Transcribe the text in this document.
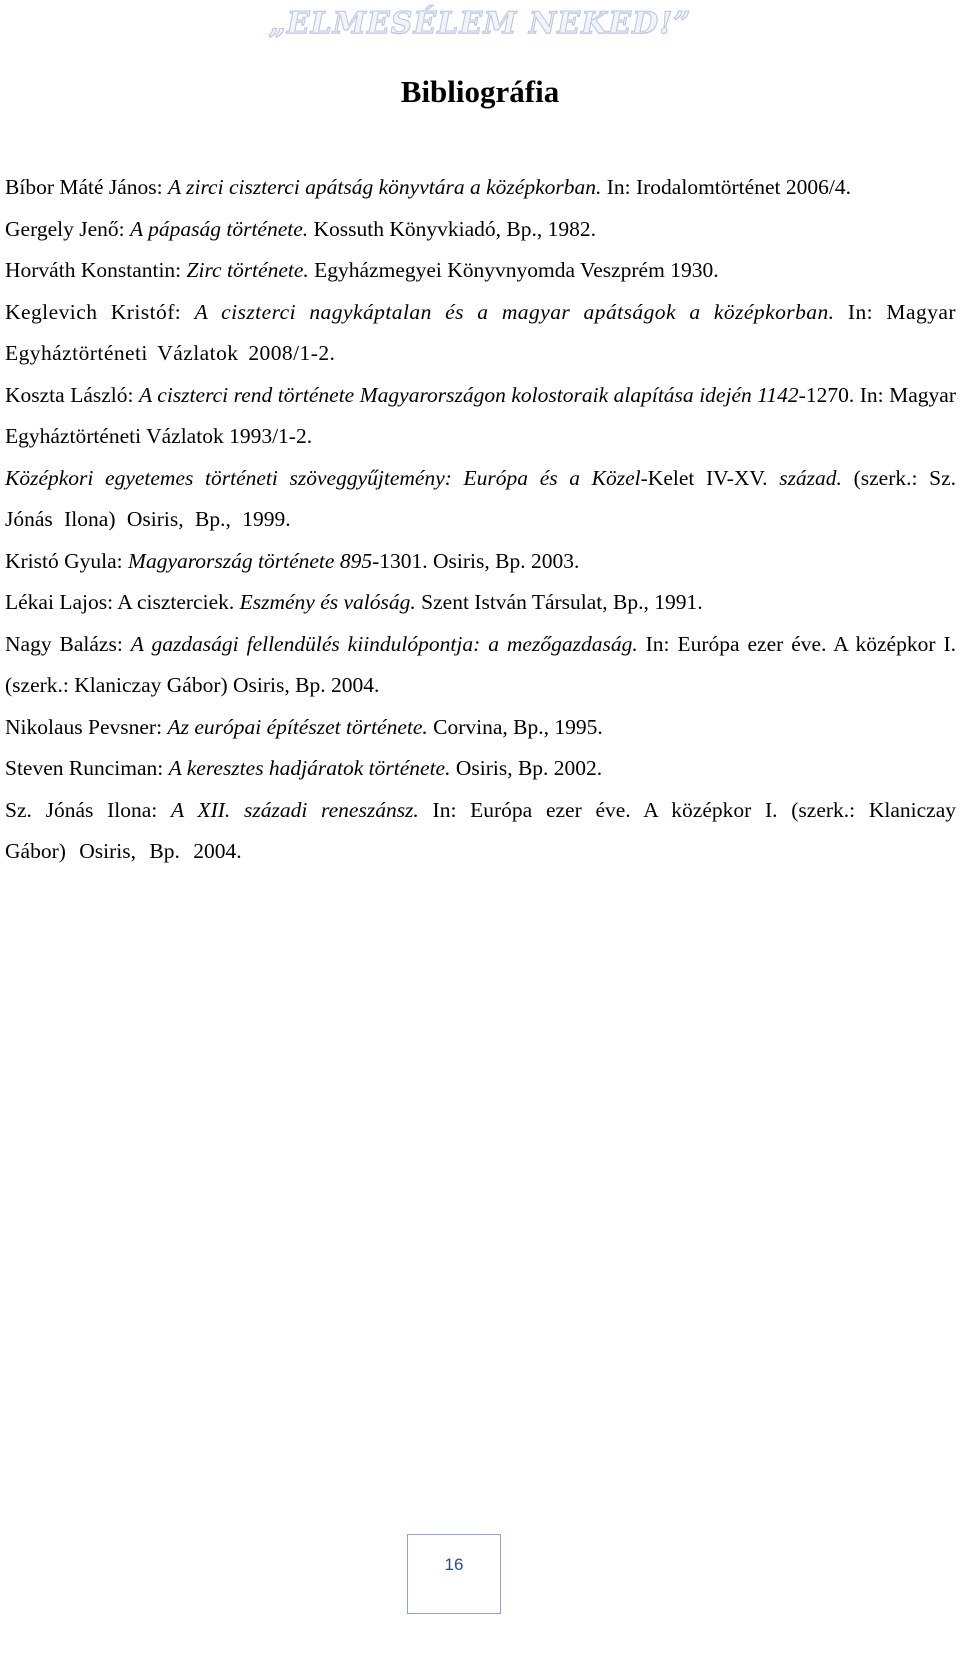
„ELMESÉLEM NEKED!”
Bibliográfia

Bíbor Máté János: A zirci ciszterci apátság könyvtára a középkorban. In: Irodalomtörténet 2006/4.

Gergely Jenő: A pápaság története. Kossuth Könyvkiadó, Bp., 1982.

Horváth Konstantin: Zirc története. Egyházmegyei Könyvnyomda Veszprém 1930.

Keglevich Kristóf: A ciszterci nagykáptalan és a magyar apátságok a középkorban. In: Magyar Egyháztörténeti Vázlatok 2008/1-2.

Koszta László: A ciszterci rend története Magyarországon kolostoraik alapítása idején 1142-1270. In: Magyar Egyháztörténeti Vázlatok 1993/1-2.

Középkori egyetemes történeti szöveggyűjtemény: Európa és a Közel-Kelet IV-XV. század. (szerk.: Sz. Jónás Ilona) Osiris, Bp., 1999.

Kristó Gyula: Magyarország története 895-1301. Osiris, Bp. 2003.

Lékai Lajos: A ciszterciek. Eszmény és valóság. Szent István Társulat, Bp., 1991.

Nagy Balázs: A gazdasági fellendülés kiindulópontja: a mezőgazdaság. In: Európa ezer éve. A középkor I. (szerk.: Klaniczay Gábor) Osiris, Bp. 2004.

Nikolaus Pevsner: Az európai építészet története. Corvina, Bp., 1995.

Steven Runciman: A keresztes hadjáratok története. Osiris, Bp. 2002.

Sz. Jónás Ilona: A XII. századi reneszánsz. In: Európa ezer éve. A középkor I. (szerk.: Klaniczay Gábor) Osiris, Bp. 2004.

16
